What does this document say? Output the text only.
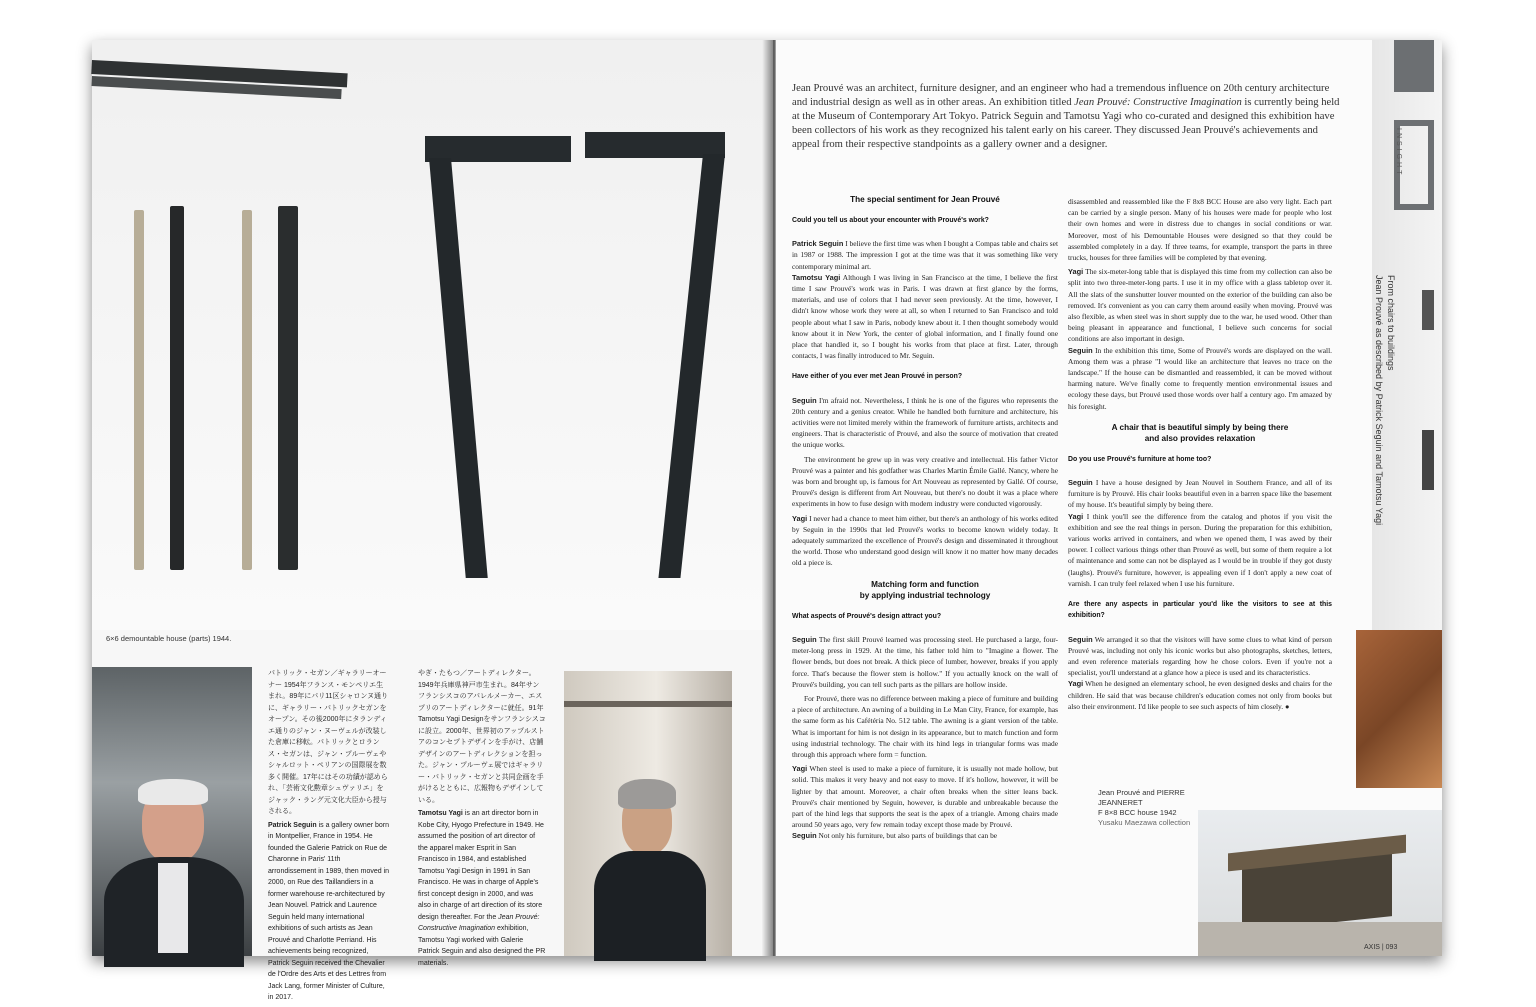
6×6 demountable house (parts) 1944.
パトリック・セガン／ギャラリーオーナー 1954年フランス・モンペリエ生まれ。89年にパリ11区シャロンヌ通りに、ギャラリー・パトリックセガンをオープン。その後2000年にタランディエ通りのジャン・ヌーヴェルが改装した倉庫に移転。パトリックとロランス・セガンは、ジャン・プルーヴェやシャルロット・ペリアンの国際展を数多く開催。17年にはその功績が認められ、「芸術文化勲章シュヴァリエ」をジャック・ラング元文化大臣から授与される。
Patrick Seguin is a gallery owner born in Montpellier, France in 1954. He founded the Galerie Patrick on Rue de Charonne in Paris' 11th arrondissement in 1989, then moved in 2000, on Rue des Taillandiers in a former warehouse re-architectured by Jean Nouvel. Patrick and Laurence Seguin held many international exhibitions of such artists as Jean Prouvé and Charlotte Perriand. His achievements being recognized, Patrick Seguin received the Chevalier de l'Ordre des Arts et des Lettres from Jack Lang, former Minister of Culture, in 2017.
やぎ・たもつ／アートディレクター。1949年兵庫県神戸市生まれ。84年サンフランシスコのアパレルメーカー、エスプリのアートディレクターに就任。91年Tamotsu Yagi Designをサンフランシスコに設立。2000年、世界初のアップルストアのコンセプトデザインを手がけ、店舗デザインのアートディレクションを担った。ジャン・プルーヴェ展ではギャラリー・パトリック・セガンと共同企画を手がけるとともに、広報物もデザインしている。
Tamotsu Yagi is an art director born in Kobe City, Hyogo Prefecture in 1949. He assumed the position of art director of the apparel maker Esprit in San Francisco in 1984, and established Tamotsu Yagi Design in 1991 in San Francisco. He was in charge of Apple's first concept design in 2000, and was also in charge of art direction of its store design thereafter. For the Jean Prouvé: Constructive Imagination exhibition, Tamotsu Yagi worked with Galerie Patrick Seguin and also designed the PR materials.

Jean Prouvé was an architect, furniture designer, and an engineer who had a tremendous influence on 20th century architecture and industrial design as well as in other areas. An exhibition titled Jean Prouvé: Constructive Imagination is currently being held at the Museum of Contemporary Art Tokyo. Patrick Seguin and Tamotsu Yagi who co-curated and designed this exhibition have been collectors of his work as they recognized his talent early on his career. They discussed Jean Prouvé's achievements and appeal from their respective standpoints as a gallery owner and a designer.

The special sentiment for Jean Prouvé
Could you tell us about your encounter with Prouvé's work?

Patrick Seguin I believe the first time was when I bought a Compas table and chairs set in 1987 or 1988. The impression I got at the time was that it was something like very contemporary minimal art.
Tamotsu Yagi Although I was living in San Francisco at the time, I believe the first time I saw Prouvé's work was in Paris. I was drawn at first glance by the forms, materials, and use of colors that I had never seen previously. At the time, however, I didn't know whose work they were at all, so when I returned to San Francisco and told people about what I saw in Paris, nobody knew about it. I then thought somebody would know about it in New York, the center of global information, and I finally found one place that handled it, so I bought his works from that place at first. Later, through contacts, I was finally introduced to Mr. Seguin.

Have either of you ever met Jean Prouvé in person?

Seguin I'm afraid not. Nevertheless, I think he is one of the figures who represents the 20th century and a genius creator. While he handled both furniture and architecture, his activities were not limited merely within the framework of furniture artists, architects and engineers. That is characteristic of Prouvé, and also the source of motivation that created the unique works.

The environment he grew up in was very creative and intellectual. His father Victor Prouvé was a painter and his godfather was Charles Martin Émile Gallé. Nancy, where he was born and brought up, is famous for Art Nouveau as represented by Gallé. Of course, Prouvé's design is different from Art Nouveau, but there's no doubt it was a place where experiments in how to fuse design with modern industry were conducted vigorously.

Yagi I never had a chance to meet him either, but there's an anthology of his works edited by Seguin in the 1990s that led Prouvé's works to become known widely today. It adequately summarized the excellence of Prouvé's design and disseminated it throughout the world. Those who understand good design will know it no matter how many decades old a piece is.

Matching form and function
by applying industrial technology
What aspects of Prouvé's design attract you?

Seguin The first skill Prouvé learned was processing steel. He purchased a large, four-meter-long press in 1929. At the time, his father told him to "Imagine a flower. The flower bends, but does not break. A thick piece of lumber, however, breaks if you apply force. That's because the flower stem is hollow." If you actually knock on the wall of Prouvé's building, you can tell such parts as the pillars are hollow inside.

For Prouvé, there was no difference between making a piece of furniture and building a piece of architecture. An awning of a building in Le Man City, France, for example, has the same form as his Cafétéria No. 512 table. The awning is a giant version of the table. What is important for him is not design in its appearance, but to match function and form using industrial technology. The chair with its hind legs in triangular forms was made through this approach where form = function.

Yagi When steel is used to make a piece of furniture, it is usually not made hollow, but solid. This makes it very heavy and not easy to move. If it's hollow, however, it will be lighter by that amount. Moreover, a chair often breaks when the sitter leans back. Prouvé's chair mentioned by Seguin, however, is durable and unbreakable because the part of the hind legs that supports the seat is the apex of a triangle. Among chairs made around 50 years ago, very few remain today except those made by Prouvé.
Seguin Not only his furniture, but also parts of buildings that can be

disassembled and reassembled like the F 8x8 BCC House are also very light. Each part can be carried by a single person. Many of his houses were made for people who lost their own homes and were in distress due to changes in social conditions or war. Moreover, most of his Demountable Houses were designed so that they could be assembled completely in a day. If three teams, for example, transport the parts in three trucks, houses for three families will be completed by that evening.

Yagi The six-meter-long table that is displayed this time from my collection can also be split into two three-meter-long parts. I use it in my office with a glass tabletop over it. All the slats of the sunshutter louver mounted on the exterior of the building can also be removed. It's convenient as you can carry them around easily when moving. Prouvé was also flexible, as when steel was in short supply due to the war, he used wood. Other than being pleasant in appearance and functional, I believe such concerns for social conditions are also important in design.
Seguin In the exhibition this time, Some of Prouvé's words are displayed on the wall. Among them was a phrase "I would like an architecture that leaves no trace on the landscape." If the house can be dismantled and reassembled, it can be moved without harming nature. We've finally come to frequently mention environmental issues and ecology these days, but Prouvé used those words over half a century ago. I'm amazed by his foresight.

A chair that is beautiful simply by being there
and also provides relaxation
Do you use Prouvé's furniture at home too?

Seguin I have a house designed by Jean Nouvel in Southern France, and all of its furniture is by Prouvé. His chair looks beautiful even in a barren space like the basement of my house. It's beautiful simply by being there.
Yagi I think you'll see the difference from the catalog and photos if you visit the exhibition and see the real things in person. During the preparation for this exhibition, various works arrived in containers, and when we opened them, I was awed by their power. I collect various things other than Prouvé as well, but some of them require a lot of maintenance and some can not be displayed as I would be in trouble if they got dusty (laughs). Prouvé's furniture, however, is appealing even if I don't apply a new coat of varnish. I can truly feel relaxed when I use his furniture.

Are there any aspects in particular you'd like the visitors to see at this exhibition?

Seguin We arranged it so that the visitors will have some clues to what kind of person Prouvé was, including not only his iconic works but also photographs, sketches, letters, and even reference materials regarding how he chose colors. Even if you're not a specialist, you'll understand at a glance how a piece is used and its characteristics.
Yagi When he designed an elementary school, he even designed desks and chairs for the children. He said that was because children's education comes not only from books but also their environment. I'd like people to see such aspects of him closely. ●

Jean Prouvé and PIERRE
JEANNERET
F 8×8 BCC house 1942
Yusaku Maezawa collection
AXIS | 093
INSIGHT
From chairs to buildings
Jean Prouvé as described by Patrick Seguin and Tamotsu Yagi
